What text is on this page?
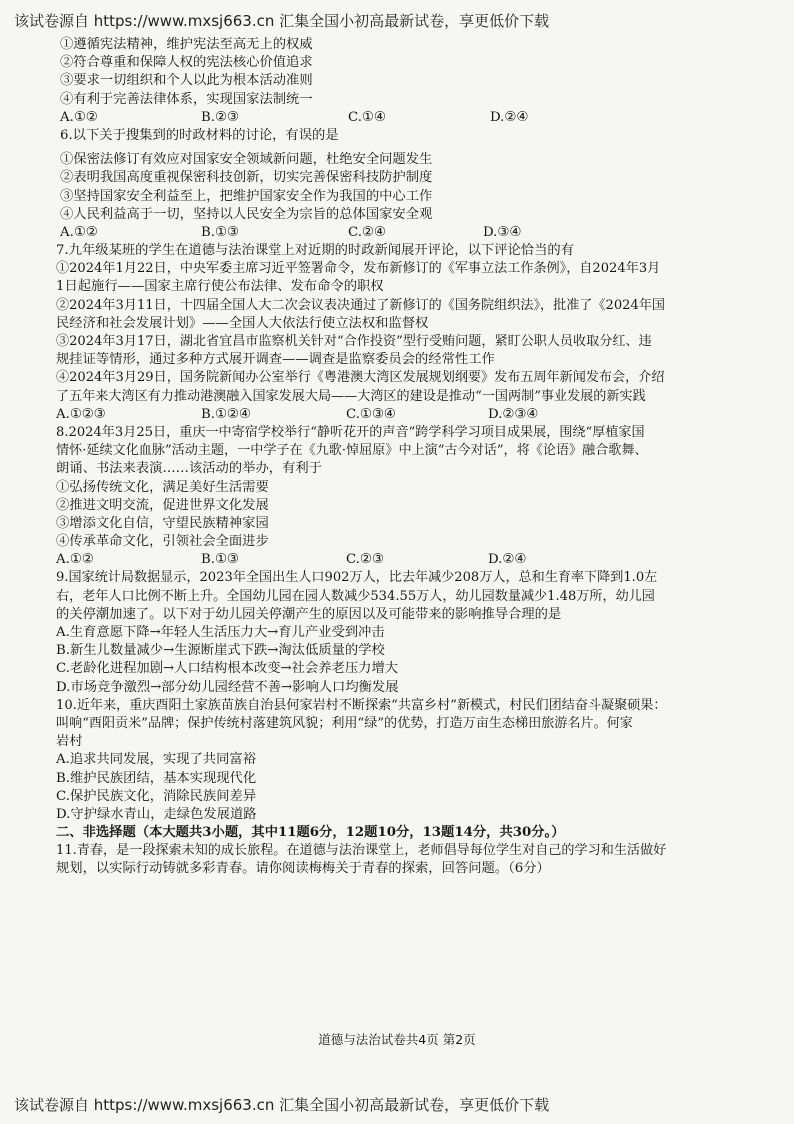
该试卷源自 https://www.mxsj663.cn 汇集全国小初高最新试卷，享更低价下载
①遵循宪法精神，维护宪法至高无上的权威
②符合尊重和保障人权的宪法核心价值追求
③要求一切组织和个人以此为根本活动准则
④有利于完善法律体系，实现国家法制统一
A.①②	B.②③	C.①④	D.②④
6.以下关于搜集到的时政材料的讨论，有误的是
①保密法修订有效应对国家安全领域新问题，杜绝安全问题发生
②表明我国高度重视保密科技创新，切实完善保密科技防护制度
③坚持国家安全利益至上，把维护国家安全作为我国的中心工作
④人民利益高于一切，坚持以人民安全为宗旨的总体国家安全观
A.①②	B.①③	C.②④	D.③④
7.九年级某班的学生在道德与法治课堂上对近期的时政新闻展开评论，以下评论恰当的有
①2024年1月22日，中央军委主席习近平签署命令，发布新修订的《军事立法工作条例》，自2024年3月
1日起施行——国家主席行使公布法律、发布命令的职权
②2024年3月11日，十四届全国人大二次会议表决通过了新修订的《国务院组织法》，批准了《2024年国
民经济和社会发展计划》——全国人大依法行使立法权和监督权
③2024年3月17日，湖北省宜昌市监察机关针对“合作投资”型行受贿问题，紧盯公职人员收取分红、违
规挂证等情形，通过多种方式展开调查——调查是监察委员会的经常性工作
④2024年3月29日，国务院新闻办公室举行《粤港澳大湾区发展规划纲要》发布五周年新闻发布会，介绍
了五年来大湾区有力推动港澳融入国家发展大局——大湾区的建设是推动“一国两制”事业发展的新实践
A.①②③	B.①②④	C.①③④	D.②③④
8.2024年3月25日，重庆一中寄宿学校举行“静听花开的声音”跨学科学习项目成果展，围绕“厚植家国
情怀·延续文化血脉”活动主题，一中学子在《九歌·悼屈原》中上演“古今对话”，将《论语》融合歌舞、
朗诵、书法来表演……该活动的举办，有利于
①弘扬传统文化，满足美好生活需要
②推进文明交流，促进世界文化发展
③增添文化自信，守望民族精神家园
④传承革命文化，引领社会全面进步
A.①②	B.①③	C.②③	D.②④
9.国家统计局数据显示，2023年全国出生人口902万人，比去年减少208万人，总和生育率下降到1.0左
右，老年人口比例不断上升。全国幼儿园在园人数减少534.55万人，幼儿园数量减少1.48万所，幼儿园
的关停潮加速了。以下对于幼儿园关停潮产生的原因以及可能带来的影响推导合理的是
A.生育意愿下降→年轻人生活压力大→育儿产业受到冲击
B.新生儿数量减少→生源断崖式下跌→淘汰低质量的学校
C.老龄化进程加剧→人口结构根本改变→社会养老压力增大
D.市场竞争激烈→部分幼儿园经营不善→影响人口均衡发展
10.近年来，重庆酉阳土家族苗族自治县何家岩村不断探索“共富乡村”新模式，村民们团结奋斗凝聚硕果：
叫响“酉阳贡米”品牌；保护传统村落建筑风貌；利用“绿”的优势，打造万亩生态梯田旅游名片。何家
岩村
A.追求共同发展，实现了共同富裕
B.维护民族团结，基本实现现代化
C.保护民族文化，消除民族间差异
D.守护绿水青山，走绿色发展道路
二、非选择题（本大题共3小题，其中11题6分，12题10分，13题14分，共30分。）
11.青春，是一段探索未知的成长旅程。在道德与法治课堂上，老师倡导每位学生对自己的学习和生活做好
规划，以实际行动铸就多彩青春。请你阅读梅梅关于青春的探索，回答问题。（6分）
道德与法治试卷共4页 第2页
该试卷源自 https://www.mxsj663.cn 汇集全国小初高最新试卷，享更低价下载
